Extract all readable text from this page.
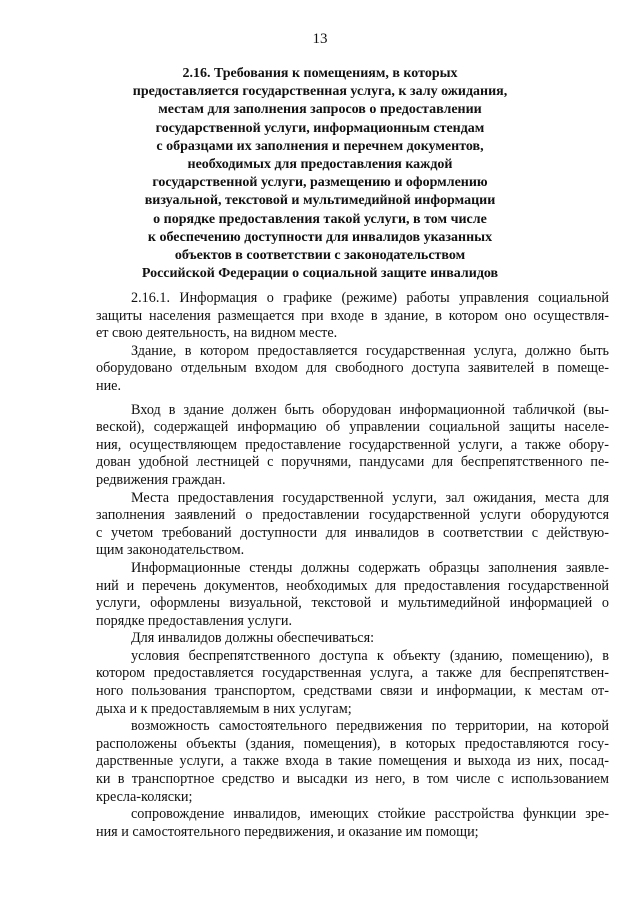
13
2.16. Требования к помещениям, в которых
предоставляется государственная услуга, к залу ожидания,
местам для заполнения запросов о предоставлении
государственной услуги, информационным стендам
с образцами их заполнения и перечнем документов,
необходимых для предоставления каждой
государственной услуги, размещению и оформлению
визуальной, текстовой и мультимедийной информации
о порядке предоставления такой услуги, в том числе
к обеспечению доступности для инвалидов указанных
объектов в соответствии с законодательством
Российской Федерации о социальной защите инвалидов
2.16.1. Информация о графике (режиме) работы управления социальной
защиты населения размещается при входе в здание, в котором оно осуществля-
ет свою деятельность, на видном месте.
Здание, в котором предоставляется государственная услуга, должно быть
оборудовано отдельным входом для свободного доступа заявителей в помеще-
ние.
Вход в здание должен быть оборудован информационной табличкой (вы-
веской), содержащей информацию об управлении социальной защиты населе-
ния, осуществляющем предоставление государственной услуги, а также обору-
дован удобной лестницей с поручнями, пандусами для беспрепятственного пе-
редвижения граждан.
Места предоставления государственной услуги, зал ожидания, места для
заполнения заявлений о предоставлении государственной услуги оборудуются
с учетом требований доступности для инвалидов в соответствии с действую-
щим законодательством.
Информационные стенды должны содержать образцы заполнения заявле-
ний и перечень документов, необходимых для предоставления государственной
услуги, оформлены визуальной, текстовой и мультимедийной информацией о
порядке предоставления услуги.
Для инвалидов должны обеспечиваться:
условия беспрепятственного доступа к объекту (зданию, помещению), в
котором предоставляется государственная услуга, а также для беспрепятствен-
ного пользования транспортом, средствами связи и информации, к местам от-
дыха и к предоставляемым в них услугам;
возможность самостоятельного передвижения по территории, на которой
расположены объекты (здания, помещения), в которых предоставляются госу-
дарственные услуги, а также входа в такие помещения и выхода из них, посад-
ки в транспортное средство и высадки из него, в том числе с использованием
кресла-коляски;
сопровождение инвалидов, имеющих стойкие расстройства функции зре-
ния и самостоятельного передвижения, и оказание им помощи;
